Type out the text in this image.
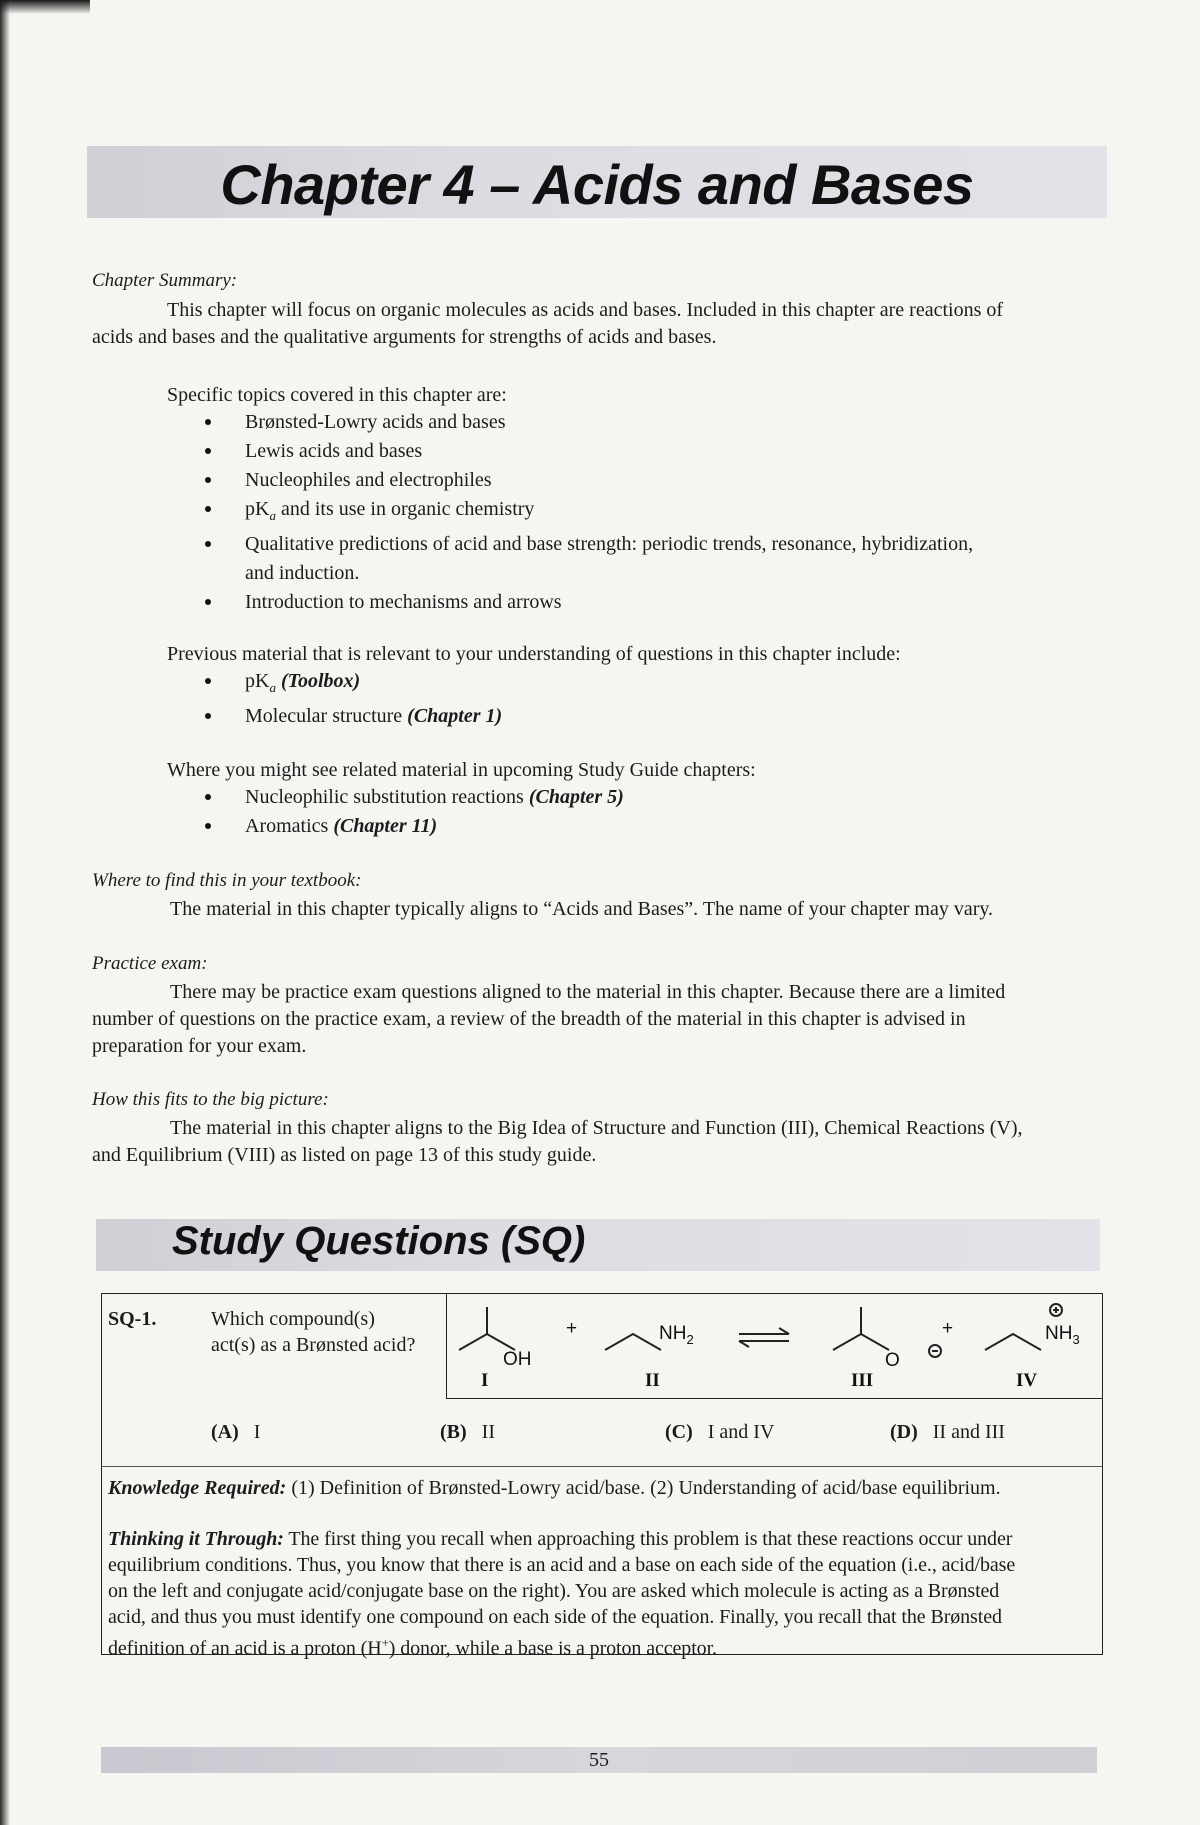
Chapter 4 – Acids and Bases
Chapter Summary:
This chapter will focus on organic molecules as acids and bases. Included in this chapter are reactions of
acids and bases and the qualitative arguments for strengths of acids and bases.
Specific topics covered in this chapter are:
Brønsted-Lowry acids and bases
Lewis acids and bases
Nucleophiles and electrophiles
$pK_a$ and its use in organic chemistry
Qualitative predictions of acid and base strength: periodic trends, resonance, hybridization,
and induction.
Introduction to mechanisms and arrows
Previous material that is relevant to your understanding of questions in this chapter include:
$pK_a$ (Toolbox)
Molecular structure (Chapter 1)
Where you might see related material in upcoming Study Guide chapters:
Nucleophilic substitution reactions (Chapter 5)
Aromatics (Chapter 11)
Where to find this in your textbook:
The material in this chapter typically aligns to “Acids and Bases”. The name of your chapter may vary.
Practice exam:
There may be practice exam questions aligned to the material in this chapter. Because there are a limited
number of questions on the practice exam, a review of the breadth of the material in this chapter is advised in
preparation for your exam.
How this fits to the big picture:
The material in this chapter aligns to the Big Idea of Structure and Function (III), Chemical Reactions (V),
and Equilibrium (VIII) as listed on page 13 of this study guide.
Study Questions (SQ)
SQ-1.	Which compound(s)
act(s) as a Brønsted acid?
OH
+	$NH_2$
O
+	$NH_3$
I	II	III	IV
(A) I	(B) II	(C) I and IV	(D) II and III
Knowledge Required: (1) Definition of Brønsted-Lowry acid/base. (2) Understanding of acid/base equilibrium.
Thinking it Through: The first thing you recall when approaching this problem is that these reactions occur under
equilibrium conditions. Thus, you know that there is an acid and a base on each side of the equation (i.e., acid/base
on the left and conjugate acid/conjugate base on the right). You are asked which molecule is acting as a Brønsted
acid, and thus you must identify one compound on each side of the equation. Finally, you recall that the Brønsted
definition of an acid is a proton (H+) donor, while a base is a proton acceptor.
55
